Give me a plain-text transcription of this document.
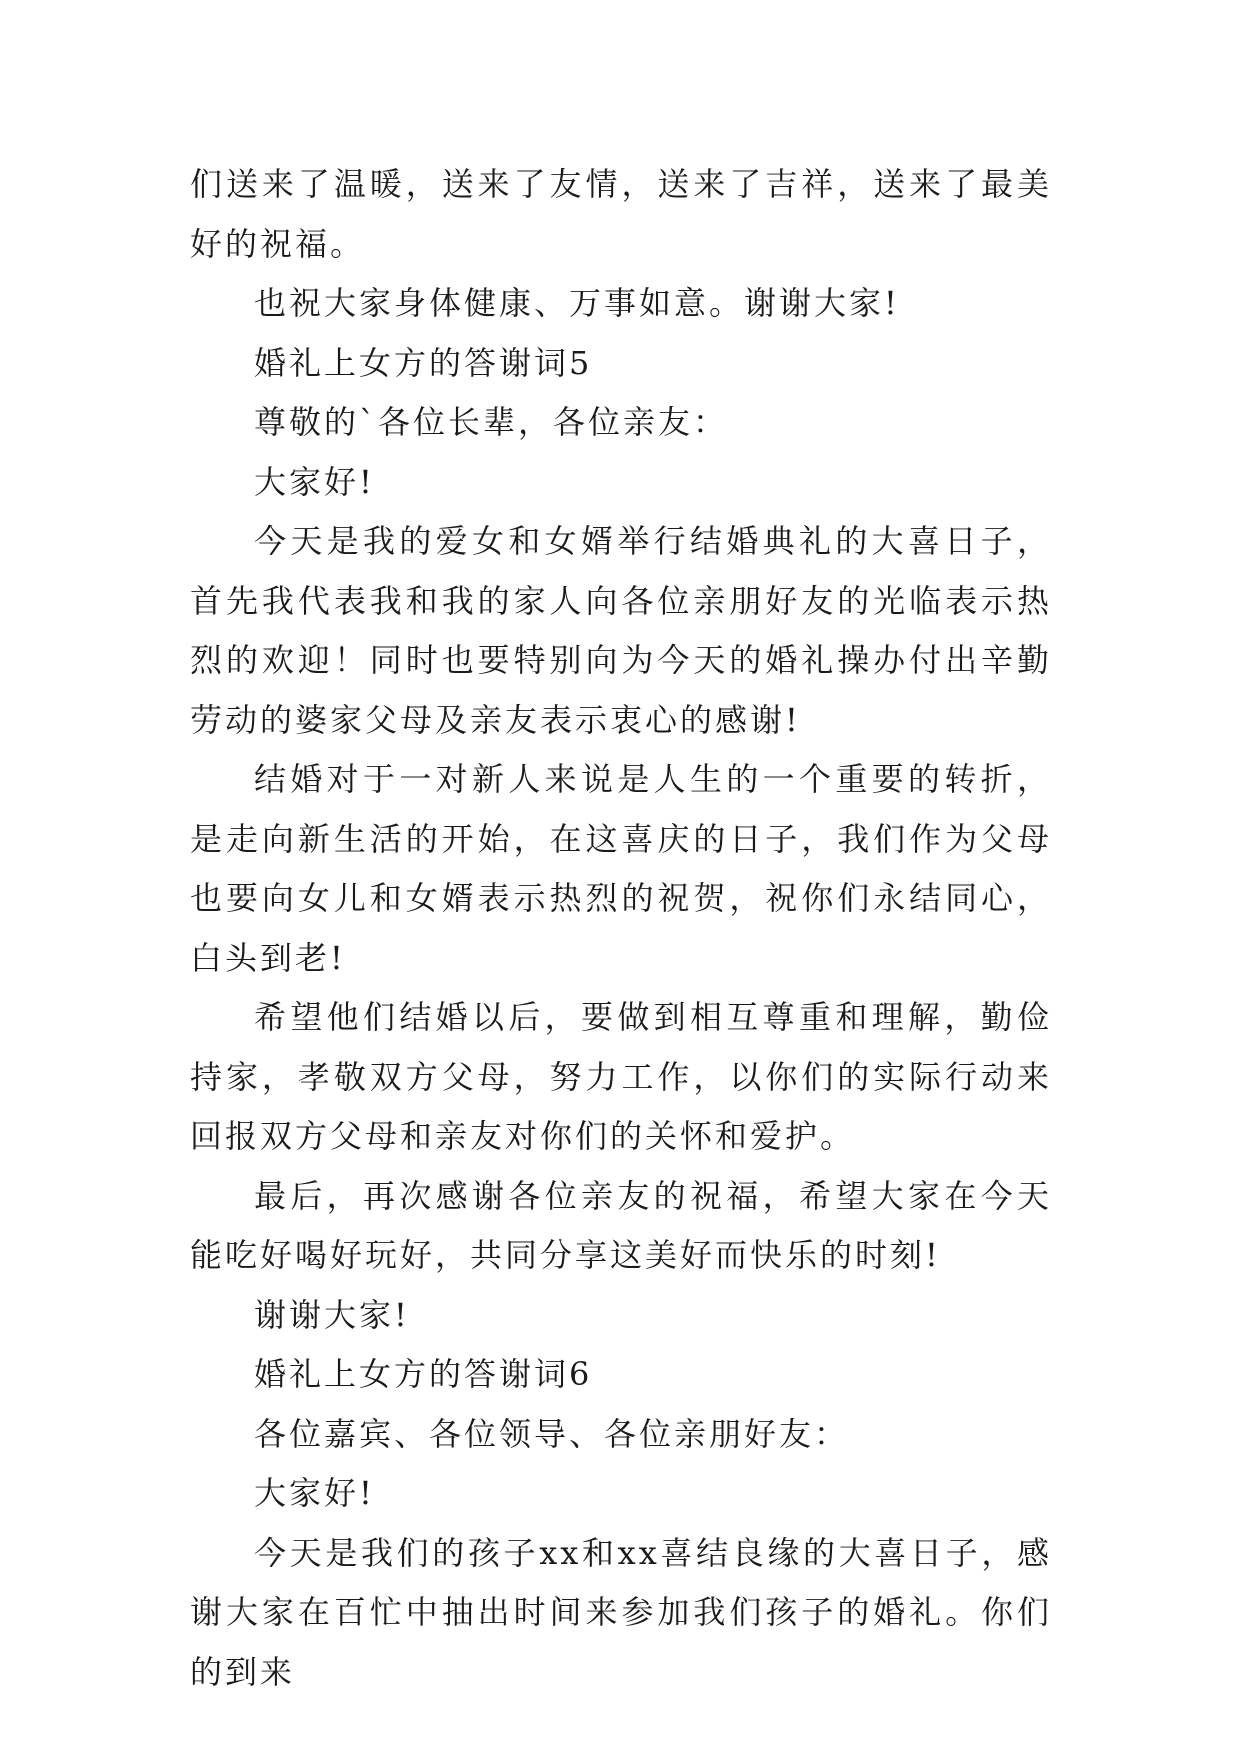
们送来了温暖，送来了友情，送来了吉祥，送来了最美好的祝福。

也祝大家身体健康、万事如意。谢谢大家!

婚礼上女方的答谢词5

尊敬的`各位长辈，各位亲友：

大家好!

今天是我的爱女和女婿举行结婚典礼的大喜日子，首先我代表我和我的家人向各位亲朋好友的光临表示热烈的欢迎！同时也要特别向为今天的婚礼操办付出辛勤劳动的婆家父母及亲友表示衷心的感谢!

结婚对于一对新人来说是人生的一个重要的转折，是走向新生活的开始，在这喜庆的日子，我们作为父母也要向女儿和女婿表示热烈的祝贺，祝你们永结同心，白头到老!

希望他们结婚以后，要做到相互尊重和理解，勤俭持家，孝敬双方父母，努力工作，以你们的实际行动来回报双方父母和亲友对你们的关怀和爱护。

最后，再次感谢各位亲友的祝福，希望大家在今天能吃好喝好玩好，共同分享这美好而快乐的时刻!

谢谢大家!

婚礼上女方的答谢词6

各位嘉宾、各位领导、各位亲朋好友：

大家好!

今天是我们的孩子xx和xx喜结良缘的大喜日子，感谢大家在百忙中抽出时间来参加我们孩子的婚礼。你们的到来
